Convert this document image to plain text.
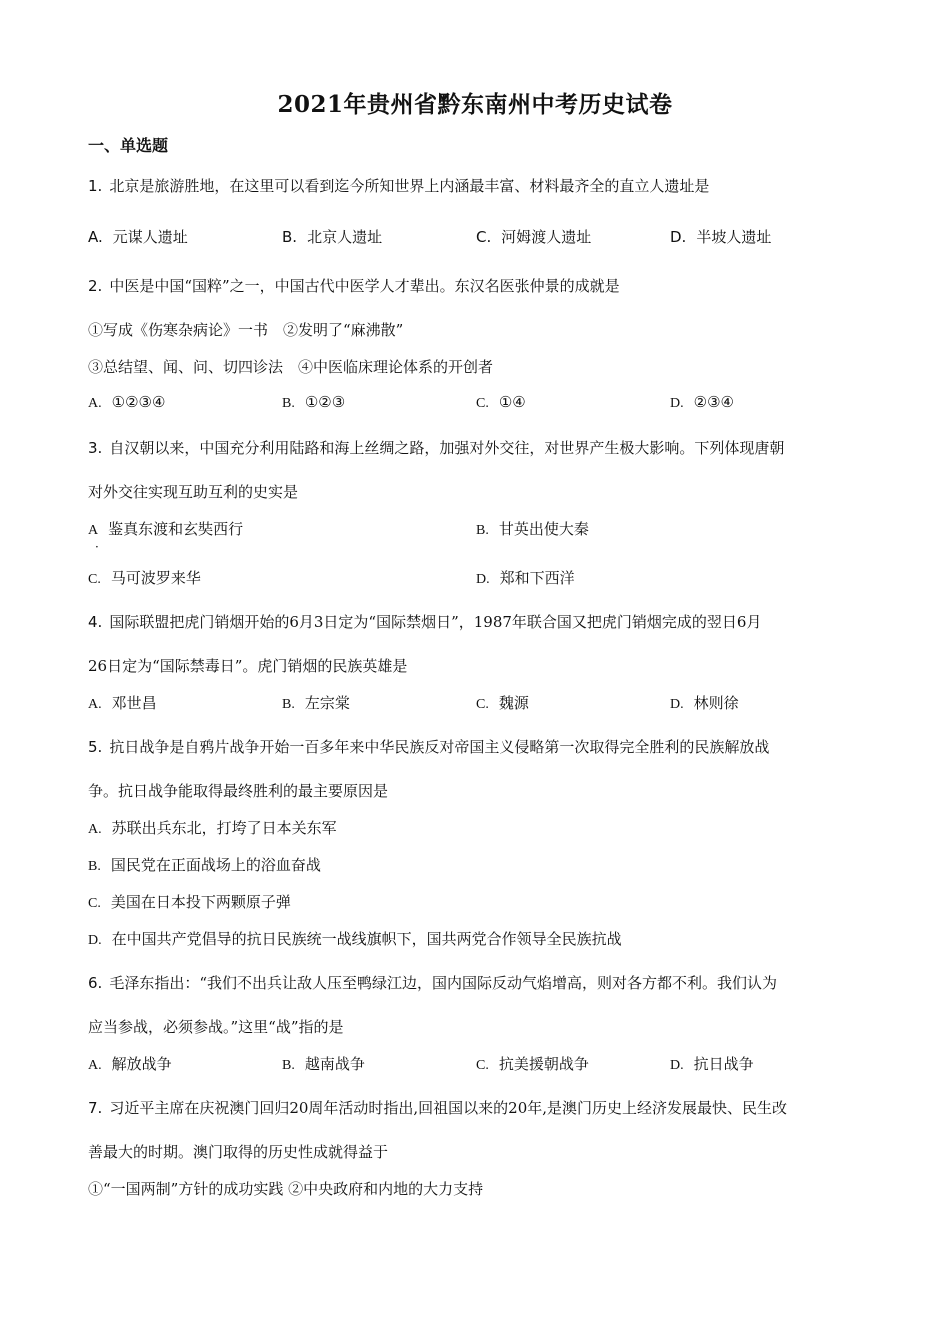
2021年贵州省黔东南州中考历史试卷
一、单选题
1. 北京是旅游胜地，在这里可以看到迄今所知世界上内涵最丰富、材料最齐全的直立人遗址是
A. 元谋人遗址	B. 北京人遗址	C. 河姆渡人遗址	D. 半坡人遗址
2. 中医是中国“国粹”之一，中国古代中医学人才辈出。东汉名医张仲景的成就是
①写成《伤寒杂病论》一书　②发明了“麻沸散”
③总结望、闻、问、切四诊法　④中医临床理论体系的开创者
A. ①②③④	B. ①②③	C. ①④	D. ②③④
3. 自汉朝以来，中国充分利用陆路和海上丝绸之路，加强对外交往，对世界产生极大影响。下列体现唐朝
对外交往实现互助互利的史实是
A 鉴真东渡和玄奘西行
·
B. 甘英出使大秦
C. 马可波罗来华	D. 郑和下西洋
4. 国际联盟把虎门销烟开始的6月3日定为“国际禁烟日”，1987年联合国又把虎门销烟完成的翌日6月
26日定为“国际禁毒日”。虎门销烟的民族英雄是
A. 邓世昌	B. 左宗棠	C. 魏源	D. 林则徐
5. 抗日战争是自鸦片战争开始一百多年来中华民族反对帝国主义侵略第一次取得完全胜利的民族解放战
争。抗日战争能取得最终胜利的最主要原因是
A. 苏联出兵东北，打垮了日本关东军
B. 国民党在正面战场上的浴血奋战
C. 美国在日本投下两颗原子弹
D. 在中国共产党倡导的抗日民族统一战线旗帜下，国共两党合作领导全民族抗战
6. 毛泽东指出：“我们不出兵让敌人压至鸭绿江边，国内国际反动气焰增高，则对各方都不利。我们认为
应当参战，必须参战。”这里“战”指的是
A. 解放战争	B. 越南战争	C. 抗美援朝战争	D. 抗日战争
7. 习近平主席在庆祝澳门回归20周年活动时指出,回祖国以来的20年,是澳门历史上经济发展最快、民生改
善最大的时期。澳门取得的历史性成就得益于
①“一国两制”方针的成功实践 ②中央政府和内地的大力支持
